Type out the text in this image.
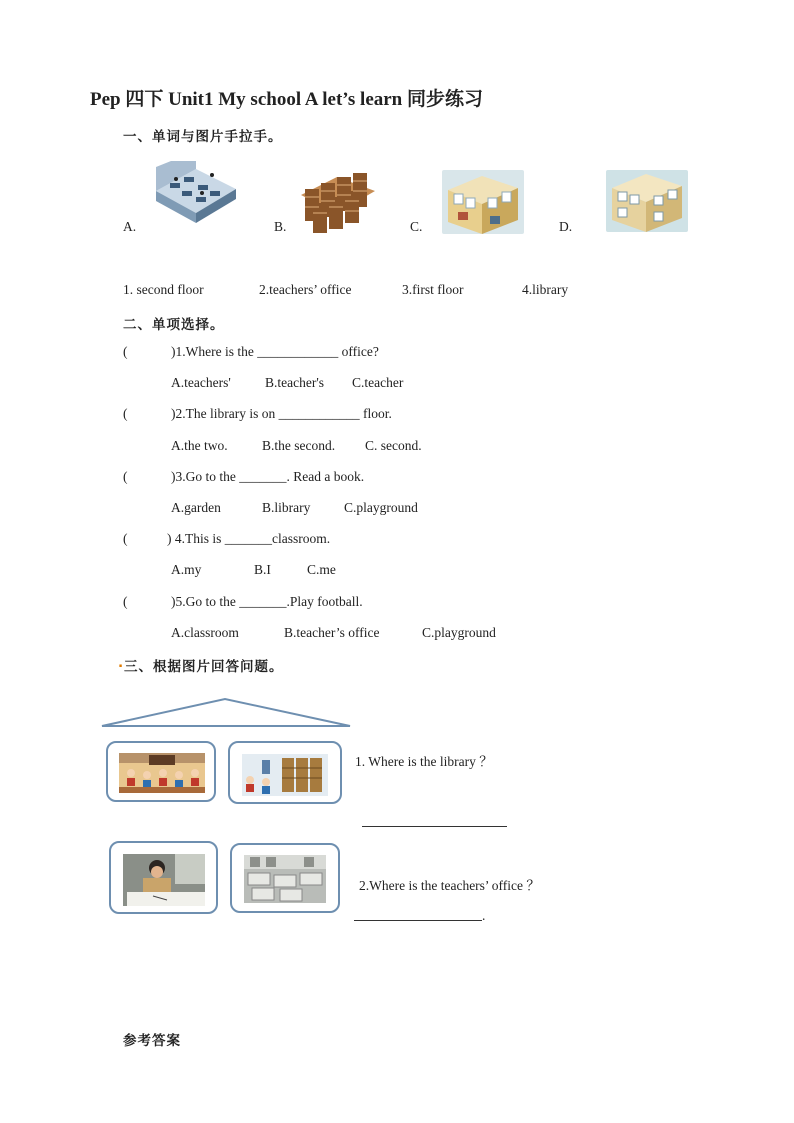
Pep 四下 Unit1 My school A let’s learn 同步练习
一、单词与图片手拉手。
A.	B.	C.	D.
1. second floor	2.teachers’ office	3.first floor	4.library
二、单项选择。
(	)1.Where is the ____________ office?
A.teachers'	B.teacher's C.teacher
(	)2.The library is on ____________ floor.
A.the two.	B.the second. C. second.
(	)3.Go to the _______. Read a book.
A.garden	B.library C.playground
(	) 4.This is _______classroom.
A.my	B.I	C.me
(	)5.Go to the _______.Play football.
A.classroom	B.teacher’s office	C.playground
. 三、根据图片回答问题。
1. Where is the library ？
2.Where is the teachers’ office ？
.
参考答案
